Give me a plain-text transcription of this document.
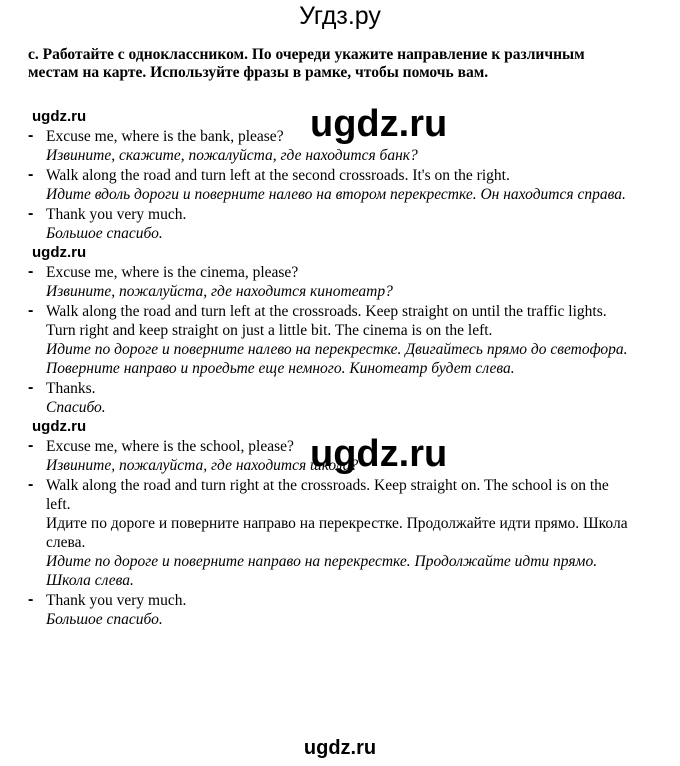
Угдз.ру
с. Работайте с одноклассником. По очереди укажите направление к различным местам на карте. Используйте фразы в рамке, чтобы помочь вам.
ugdz.ru
- Excuse me, where is the bank, please?
Извините, скажите, пожалуйста, где находится банк?
- Walk along the road and turn left at the second crossroads. It's on the right.
Идите вдоль дороги и поверните налево на втором перекрестке. Он находится справа.
- Thank you very much.
Большое спасибо.
ugdz.ru
- Excuse me, where is the cinema, please?
Извините, пожалуйста, где находится кинотеатр?
- Walk along the road and turn left at the crossroads. Keep straight on until the traffic lights. Turn right and keep straight on just a little bit. The cinema is on the left.
Идите по дороге и поверните налево на перекрестке. Двигайтесь прямо до светофора. Поверните направо и проедьте еще немного. Кинотеатр будет слева.
- Thanks.
Спасибо.
ugdz.ru
- Excuse me, where is the school, please?
Извините, пожалуйста, где находится школа?
- Walk along the road and turn right at the crossroads. Keep straight on. The school is on the left.
Идите по дороге и поверните направо на перекрестке. Продолжайте идти прямо. Школа слева.
Идите по дороге и поверните направо на перекрестке. Продолжайте идти прямо. Школа слева.
- Thank you very much.
Большое спасибо.
ugdz.ru
ugdz.ru
ugdz.ru
